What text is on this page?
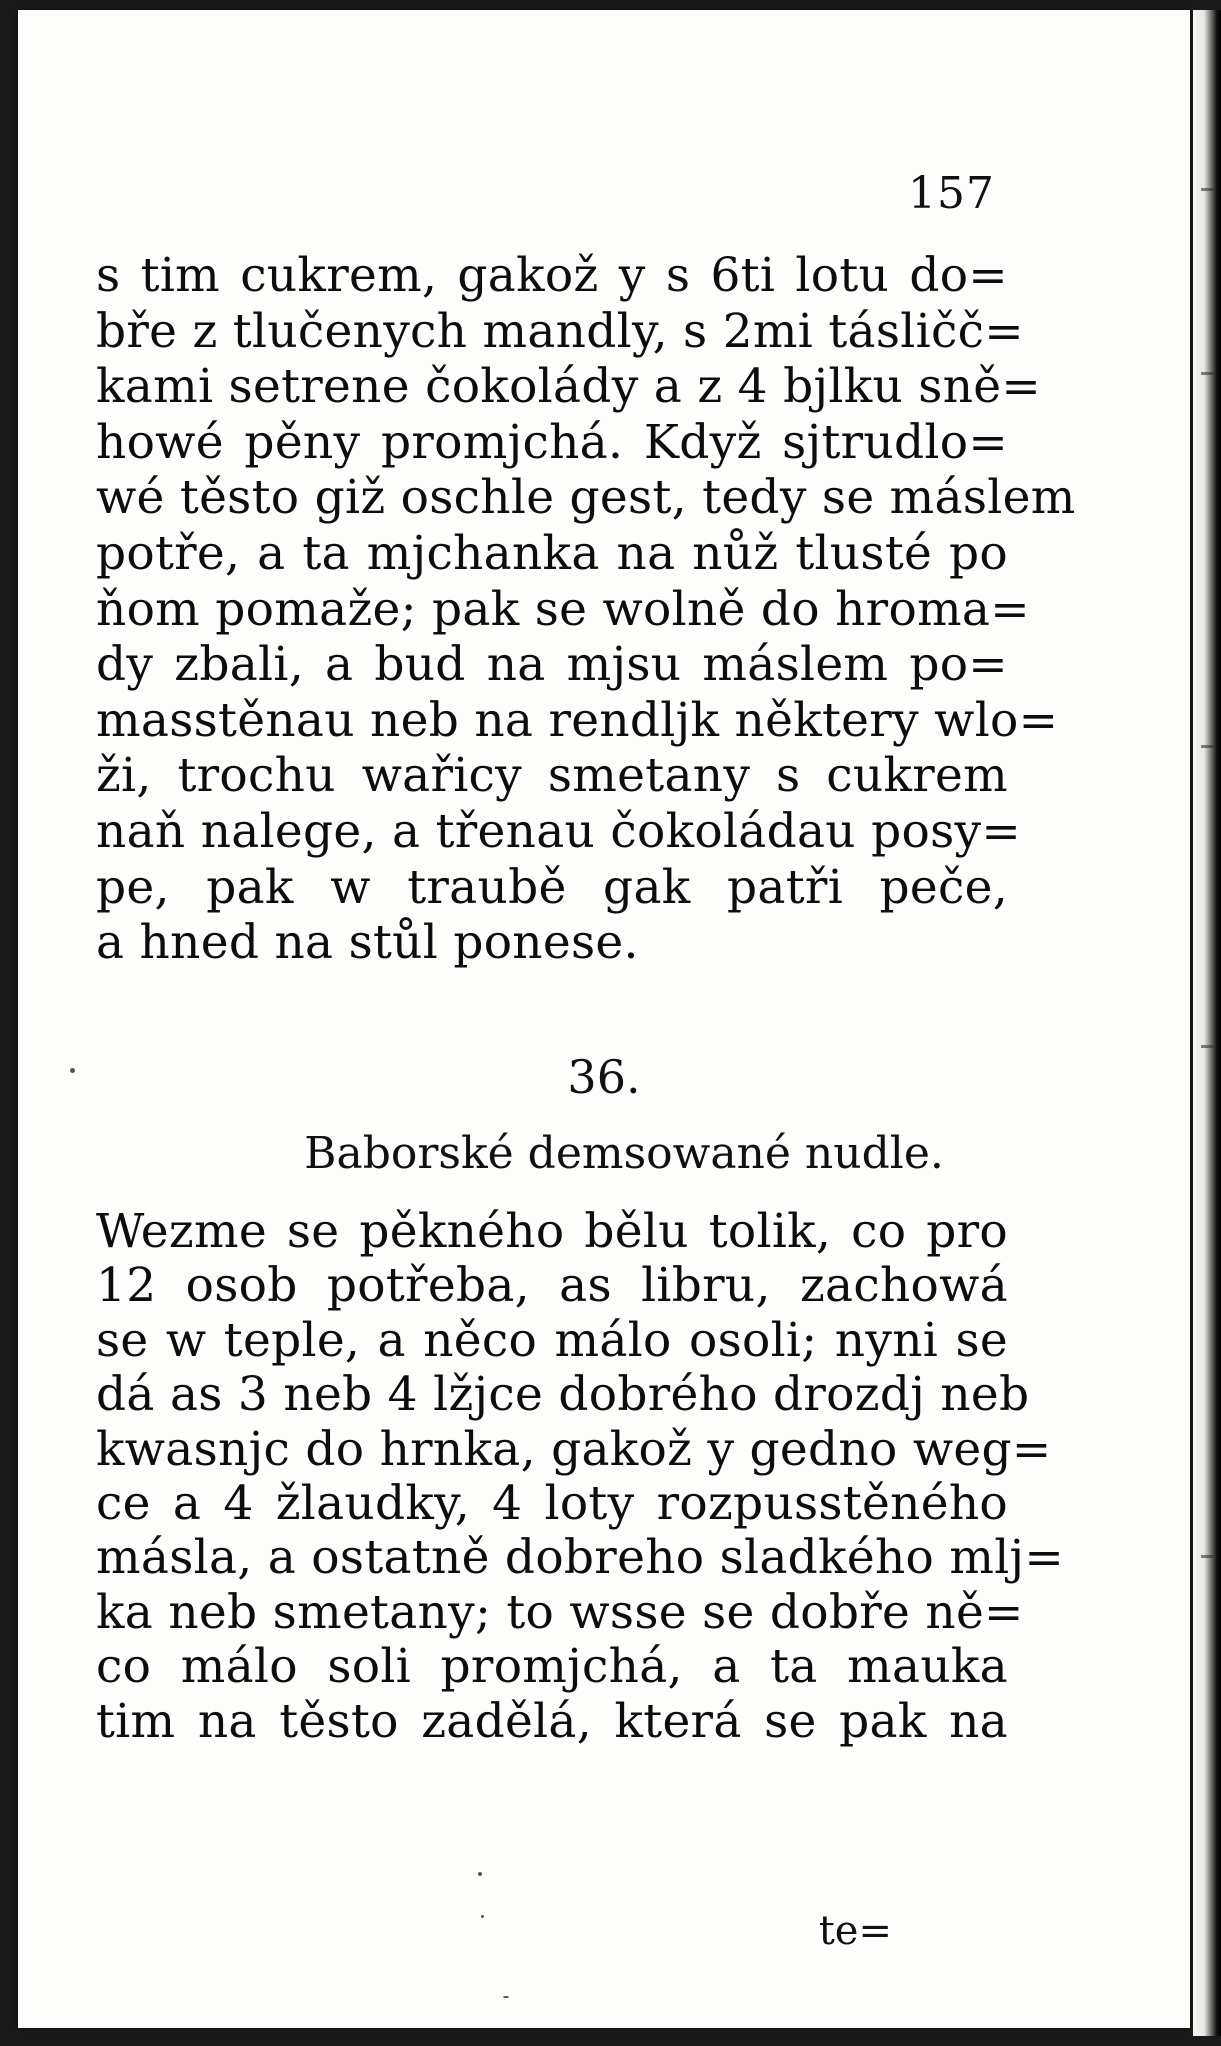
157
s tim cukrem, gakož y s 6ti lotu do=
bře z tlučenych mandly, s 2mi tásličč=
kami setrene čokolády a z 4 bjlku sně=
howé pěny promjchá. Když sjtrudlo=
wé těsto giž oschle gest, tedy se máslem
potře, a ta mjchanka na nůž tlusté po
ňom pomaže; pak se wolně do hroma=
dy zbali, a bud na mjsu máslem po=
masstěnau neb na rendljk některy wlo=
ži, trochu wařicy smetany s cukrem
naň nalege, a třenau čokoládau posy=
pe, pak w traubě gak patři peče,
a hned na stůl ponese.
36.
Baborské demsowané nudle.
Wezme se pěkného bělu tolik, co pro
12 osob potřeba, as libru, zachowá
se w teple, a něco málo osoli; nyni se
dá as 3 neb 4 lžjce dobrého drozdj neb
kwasnjc do hrnka, gakož y gedno weg=
ce a 4 žlaudky, 4 loty rozpusstěného
másla, a ostatně dobreho sladkého mlj=
ka neb smetany; to wsse se dobře ně=
co málo soli promjchá, a ta mauka
tim na těsto zadělá, která se pak na
te=
